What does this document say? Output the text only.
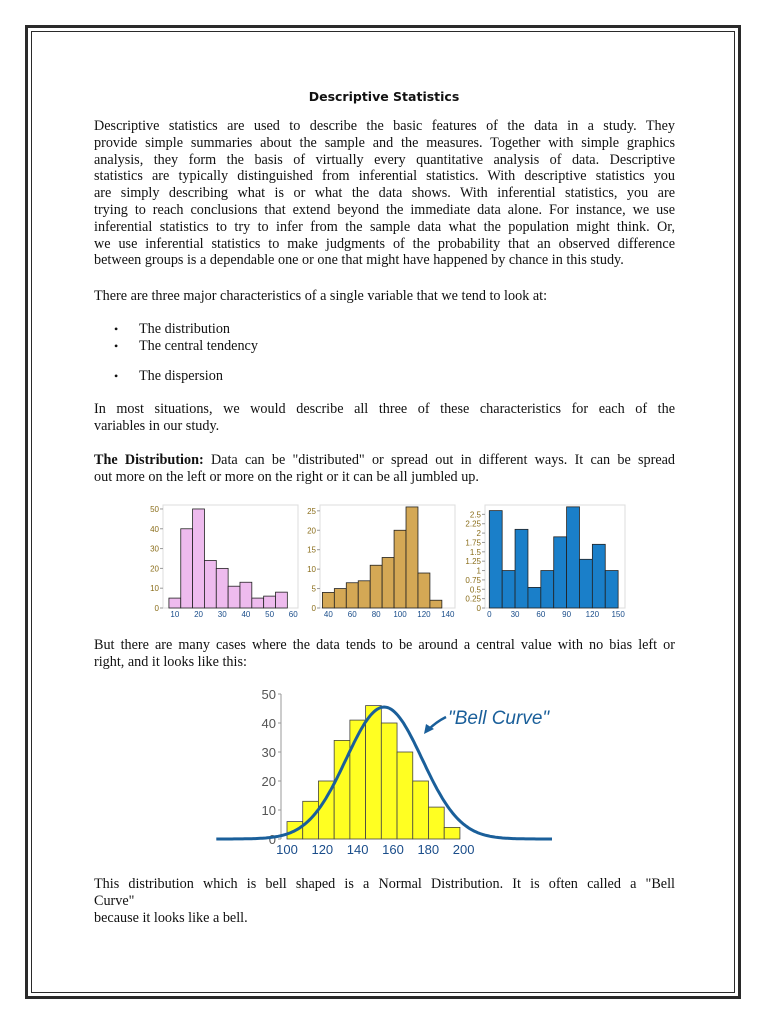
Descriptive Statistics
Descriptive statistics are used to describe the basic features of the data in a study. They
provide simple summaries about the sample and the measures. Together with simple graphics
analysis, they form the basis of virtually every quantitative analysis of data. Descriptive
statistics are typically distinguished from inferential statistics. With descriptive statistics you
are simply describing what is or what the data shows. With inferential statistics, you are
trying to reach conclusions that extend beyond the immediate data alone. For instance, we use
inferential statistics to try to infer from the sample data what the population might think. Or,
we use inferential statistics to make judgments of the probability that an observed difference
between groups is a dependable one or one that might have happened by chance in this study.
There are three major characteristics of a single variable that we tend to look at:
• The distribution
• The central tendency
• The dispersion
In most situations, we would describe all three of these characteristics for each of the
variables in our study.
The Distribution: Data can be "distributed" or spread out in different ways. It can be spread
out more on the left or more on the right or it can be all jumbled up.
0
10
20
30
40
50
10 20 30 40 50 60
0
5
10
15
20
25
40 60 80 100 120 140
0
0.25
0.5
0.75
1
1.25
1.5
1.75
2
2.25
2.5
0 30 60 90 120 150
But there are many cases where the data tends to be around a central value with no bias left or
right, and it looks like this:
0
10
20
30
40
50
100 120 140 160 180 200
"Bell Curve"
This distribution which is bell shaped is a Normal Distribution. It is often called a "Bell
Curve"
because it looks like a bell.
